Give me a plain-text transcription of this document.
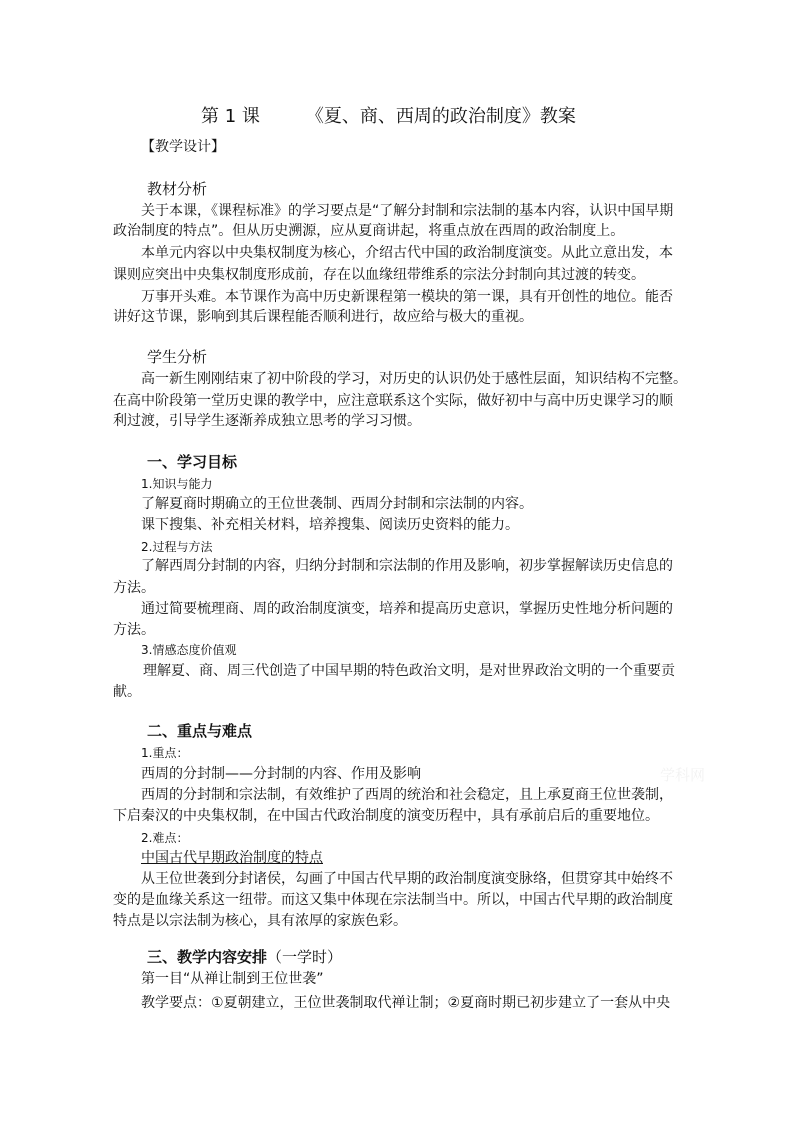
第 1 课	《夏、商、西周的政治制度》教案
【教学设计】
教材分析
关于本课，《课程标准》的学习要点是“了解分封制和宗法制的基本内容，认识中国早期
政治制度的特点”。但从历史溯源，应从夏商讲起，将重点放在西周的政治制度上。
本单元内容以中央集权制度为核心，介绍古代中国的政治制度演变。从此立意出发，本
课则应突出中央集权制度形成前，存在以血缘纽带维系的宗法分封制向其过渡的转变。
万事开头难。本节课作为高中历史新课程第一模块的第一课，具有开创性的地位。能否
讲好这节课，影响到其后课程能否顺利进行，故应给与极大的重视。
学生分析
高一新生刚刚结束了初中阶段的学习，对历史的认识仍处于感性层面，知识结构不完整。
在高中阶段第一堂历史课的教学中，应注意联系这个实际，做好初中与高中历史课学习的顺
利过渡，引导学生逐渐养成独立思考的学习习惯。
一、学习目标
1.知识与能力
了解夏商时期确立的王位世袭制、西周分封制和宗法制的内容。
课下搜集、补充相关材料，培养搜集、阅读历史资料的能力。
2.过程与方法
了解西周分封制的内容，归纳分封制和宗法制的作用及影响，初步掌握解读历史信息的
方法。
通过简要梳理商、周的政治制度演变，培养和提高历史意识，掌握历史性地分析问题的
方法。
3.情感态度价值观
理解夏、商、周三代创造了中国早期的特色政治文明，是对世界政治文明的一个重要贡
献。
二、重点与难点
1.重点：
西周的分封制——分封制的内容、作用及影响
西周的分封制和宗法制，有效维护了西周的统治和社会稳定，且上承夏商王位世袭制，
下启秦汉的中央集权制，在中国古代政治制度的演变历程中，具有承前启后的重要地位。
2.难点：
中国古代早期政治制度的特点
从王位世袭到分封诸侯，勾画了中国古代早期的政治制度演变脉络，但贯穿其中始终不
变的是血缘关系这一纽带。而这又集中体现在宗法制当中。所以，中国古代早期的政治制度
特点是以宗法制为核心，具有浓厚的家族色彩。
三、教学内容安排（一学时）
第一目“从禅让制到王位世袭”
教学要点：①夏朝建立，王位世袭制取代禅让制；②夏商时期已初步建立了一套从中央
学科网
